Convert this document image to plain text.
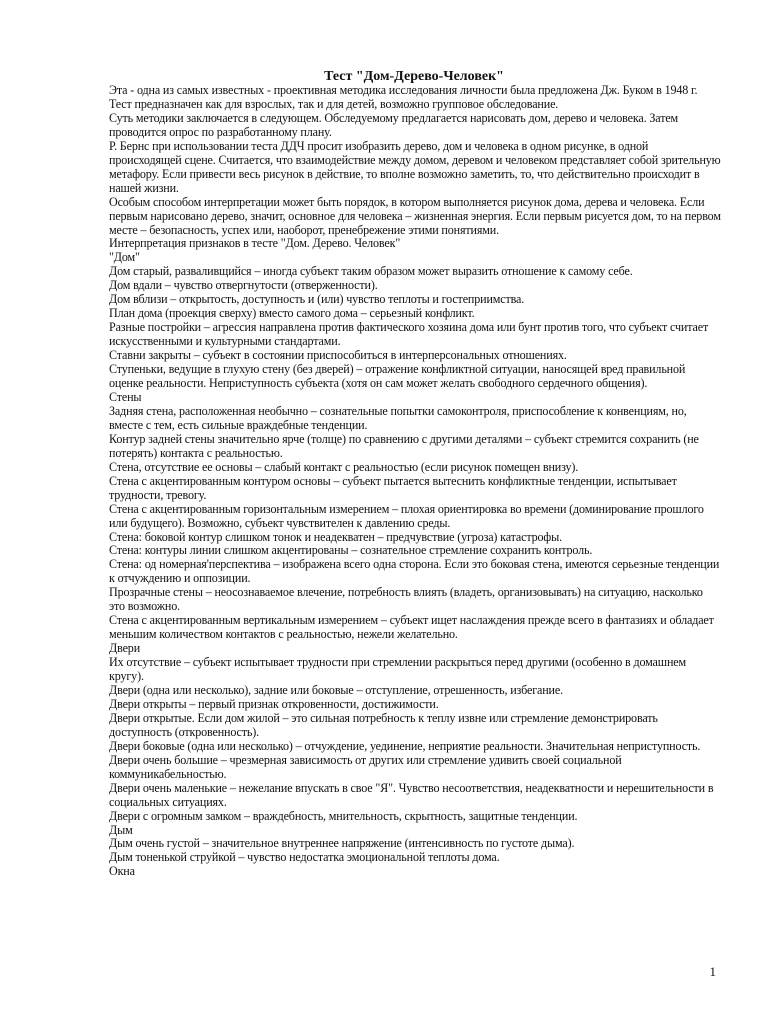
Тест "Дом-Дерево-Человек"

Эта - одна из самых известных - проективная методика исследования личности была предложена Дж. Буком в 1948 г. Тест предназначен как для взрослых, так и для детей, возможно групповое обследование.

Суть методики заключается в следующем. Обследуемому предлагается нарисовать дом, дерево и человека. Затем проводится опрос по разработанному плану.

Р. Бернс при использовании теста ДДЧ просит изобразить дерево, дом и человека в одном рисунке, в одной происходящей сцене. Считается, что взаимодействие между домом, деревом и человеком представляет собой зрительную метафору. Если привести весь рисунок в действие, то вполне возможно заметить, то, что действительно происходит в нашей жизни.

Особым способом интерпретации может быть порядок, в котором выполняется рисунок дома, дерева и человека. Если первым нарисовано дерево, значит, основное для человека – жизненная энергия. Если первым рисуется дом, то на первом месте – безопасность, успех или, наоборот, пренебрежение этими понятиями.

Интерпретация признаков в тесте "Дом. Дерево. Человек"

"Дом"

Дом старый, разваливщийся – иногда субъект таким образом может выразить отношение к самому себе.

Дом вдали – чувство отвергнутости (отверженности).

Дом вблизи – открытость, доступность и (или) чувство теплоты и гостеприимства.

План дома (проекция сверху) вместо самого дома – серьезный конфликт.

Разные постройки – агрессия направлена против фактического хозяина дома или бунт против того, что субъект считает искусственными и культурными стандартами.

Ставни закрыты – субъект в состоянии приспособиться в интерперсональных отношениях.

Ступеньки, ведущие в глухую стену (без дверей) – отражение конфликтной ситуации, наносящей вред правильной оценке реальности. Неприступность субъекта (хотя он сам может желать свободного сердечного общения).

Стены

Задняя стена, расположенная необычно – сознательные попытки самоконтроля, приспособление к конвенциям, но, вместе с тем, есть сильные враждебные тенденции.

Контур задней стены значительно ярче (толще) по сравнению с другими деталями – субъект стремится сохранить (не потерять) контакта с реальностью.

Стена, отсутствие ее основы – слабый контакт с реальностью (если рисунок помещен внизу).

Стена с акцентированным контуром основы – субъект пытается вытеснить конфликтные тенденции, испытывает трудности, тревогу.

Стена с акцентированным горизонтальным измерением – плохая ориентировка во времени (доминирование прошлого или будущего). Возможно, субъект чувствителен к давлению среды.

Стена: боковой контур слишком тонок и неадекватен – предчувствие (угроза) катастрофы.

Стена: контуры линии слишком акцентированы – сознательное стремление сохранить контроль.

Стена: од номерная'перспектива – изображена всего одна сторона. Если это боковая стена, имеются серьезные тенденции к отчуждению и оппозиции.

Прозрачные стены – неосознаваемое влечение, потребность влиять (владеть, организовывать) на ситуацию, насколько это возможно.

Стена с акцентированным вертикальным измерением – субъект ищет наслаждения прежде всего в фантазиях и обладает меньшим количеством контактов с реальностью, нежели желательно.

Двери

Их отсутствие – субъект испытывает трудности при стремлении раскрыться перед другими (особенно в домашнем кругу).

Двери (одна или несколько), задние или боковые – отступление, отрешенность, избегание.

Двери открыты – первый признак откровенности, достижимости.

Двери открытые. Если дом жилой – это сильная потребность к теплу извне или стремление демонстрировать доступность (откровенность).

Двери боковые (одна или несколько) – отчуждение, уединение, неприятие реальности. Значительная неприступность.

Двери очень большие – чрезмерная зависимость от других или стремление удивить своей социальной коммуникабельностью.

Двери очень маленькие – нежелание впускать в свое "Я". Чувство несоответствия, неадекватности и нерешительности в социальных ситуациях.

Двери с огромным замком – враждебность, мнительность, скрытность, защитные тенденции.

Дым

Дым очень густой – значительное внутреннее напряжение (интенсивность по густоте дыма).

Дым тоненькой струйкой – чувство недостатка эмоциональной теплоты дома.

Окна

1
